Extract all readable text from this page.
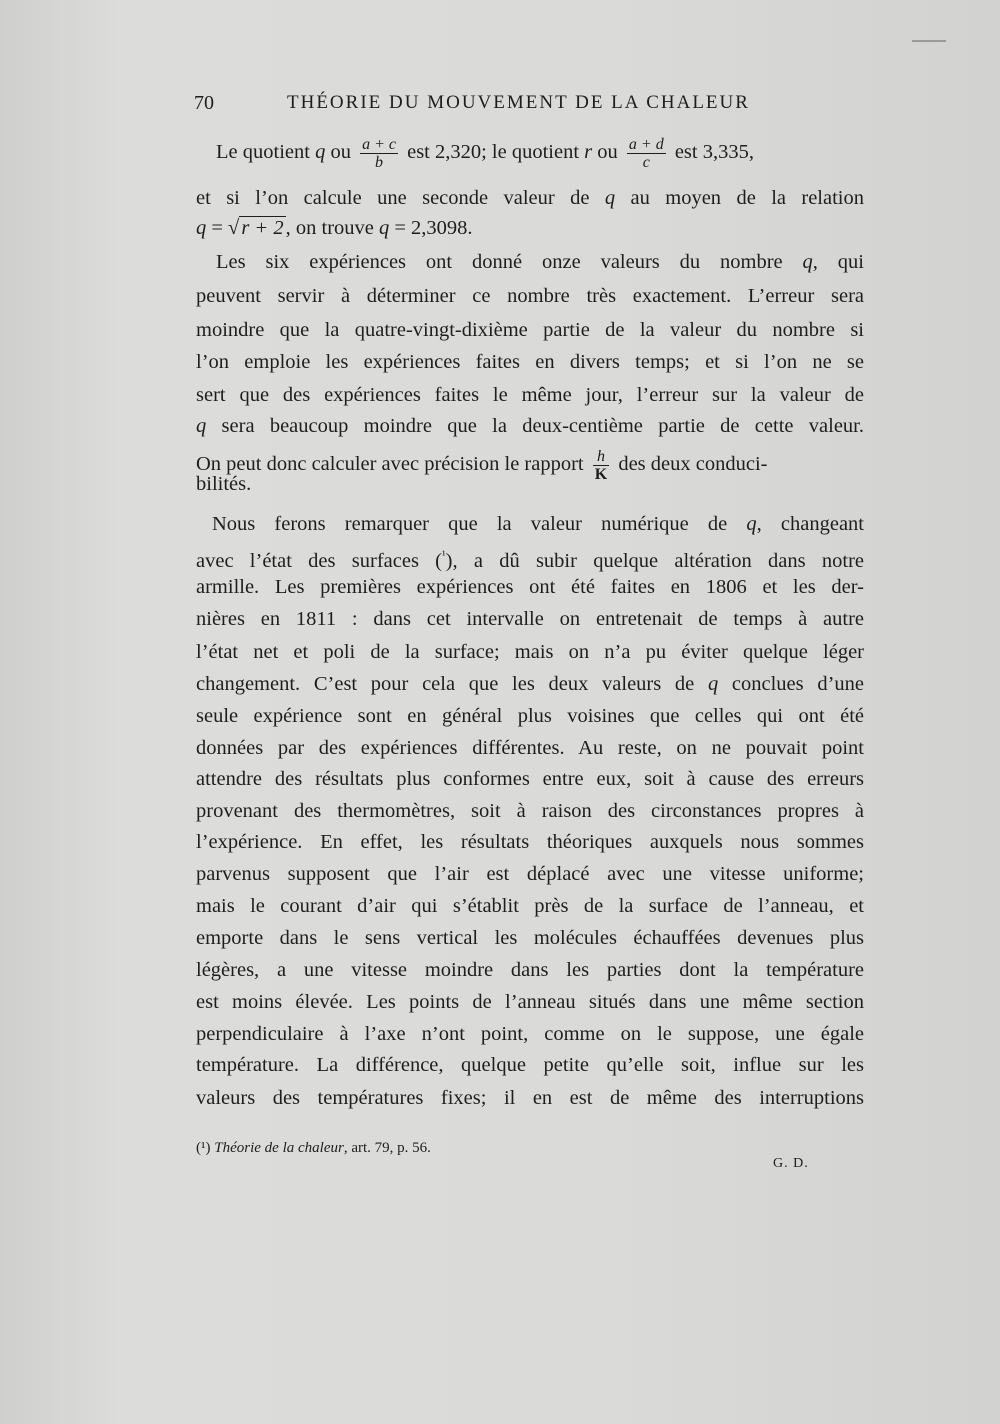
70	THÉORIE DU MOUVEMENT DE LA CHALEUR
Le quotient q ou $\frac{a + c}{b}$ est 2,320; le quotient r ou $\frac{a + d}{c}$ est 3,335,
et si l’on calcule une seconde valeur de q au moyen de la relation
q = √r + 2, on trouve q = 2,3098.
Les six expériences ont donné onze valeurs du nombre q, qui
peuvent servir à déterminer ce nombre très exactement. L’erreur sera
moindre que la quatre-vingt-dixième partie de la valeur du nombre si
l’on emploie les expériences faites en divers temps; et si l’on ne se
sert que des expériences faites le même jour, l’erreur sur la valeur de
q sera beaucoup moindre que la deux-centième partie de cette valeur.
On peut donc calculer avec précision le rapport $\frac{h}{K}$ des deux conduci-
bilités.
Nous ferons remarquer que la valeur numérique de q, changeant
avec l’état des surfaces ($^{^1}$), a dû subir quelque altération dans notre
armille. Les premières expériences ont été faites en 1806 et les der-
nières en 1811 : dans cet intervalle on entretenait de temps à autre
l’état net et poli de la surface; mais on n’a pu éviter quelque léger
changement. C’est pour cela que les deux valeurs de q conclues d’une
seule expérience sont en général plus voisines que celles qui ont été
données par des expériences différentes. Au reste, on ne pouvait point
attendre des résultats plus conformes entre eux, soit à cause des erreurs
provenant des thermomètres, soit à raison des circonstances propres à
l’expérience. En effet, les résultats théoriques auxquels nous sommes
parvenus supposent que l’air est déplacé avec une vitesse uniforme;
mais le courant d’air qui s’établit près de la surface de l’anneau, et
emporte dans le sens vertical les molécules échauffées devenues plus
légères, a une vitesse moindre dans les parties dont la température
est moins élevée. Les points de l’anneau situés dans une même section
perpendiculaire à l’axe n’ont point, comme on le suppose, une égale
température. La différence, quelque petite qu’elle soit, influe sur les
valeurs des températures fixes; il en est de même des interruptions
(¹) Théorie de la chaleur, art. 79, p. 56.
G. D.
